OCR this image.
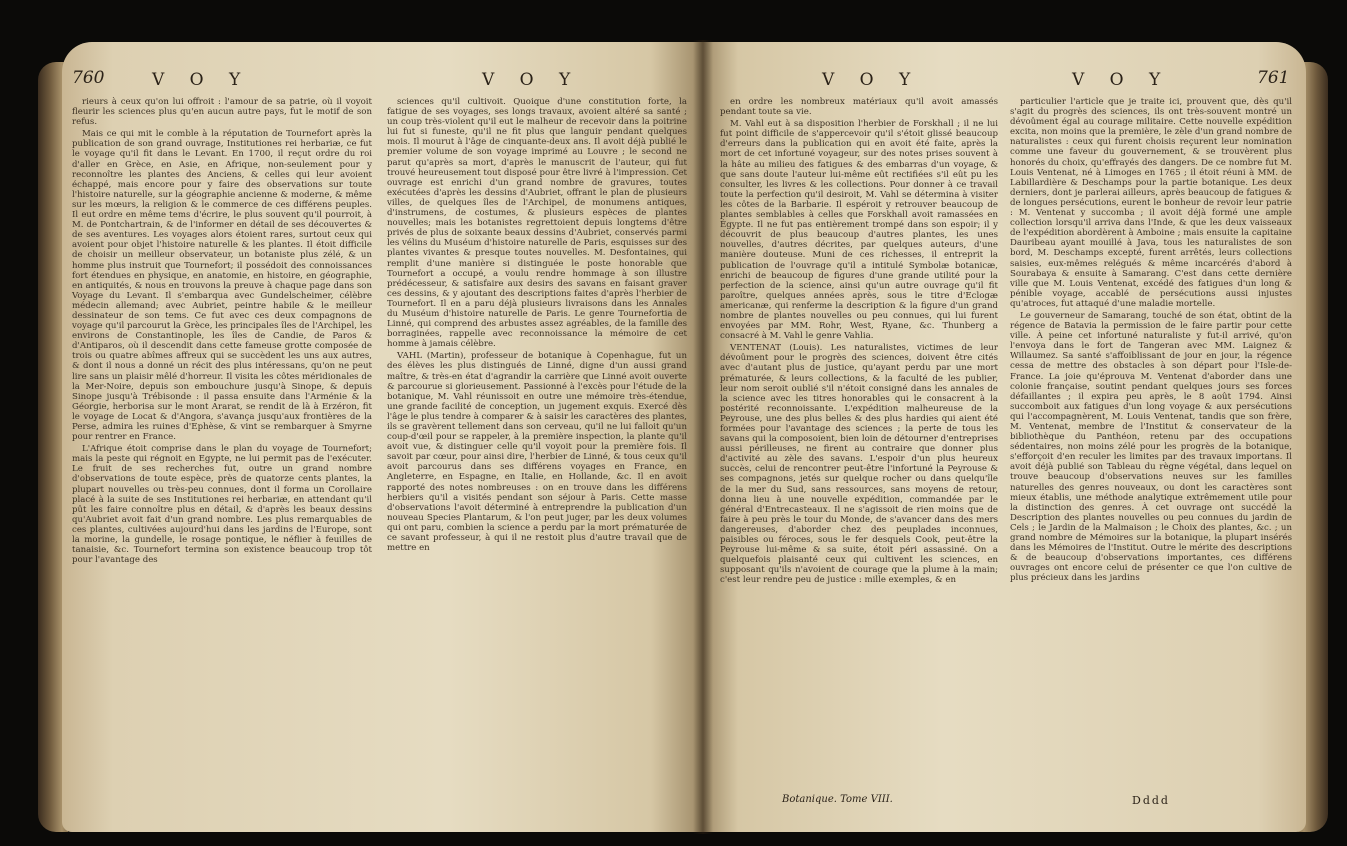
760	V O Y	V O Y

rieurs à ceux qu'on lui offroit : l'amour de sa patrie, où il voyoit fleurir les sciences plus qu'en aucun autre pays, fut le motif de son refus.

Mais ce qui mit le comble à la réputation de Tournefort après la publication de son grand ouvrage, Institutiones rei herbariæ, ce fut le voyage qu'il fit dans le Levant. En 1700, il reçut ordre du roi d'aller en Grèce, en Asie, en Afrique, non-seulement pour y reconnoître les plantes des Anciens, & celles qui leur avoient échappé, mais encore pour y faire des observations sur toute l'histoire naturelle, sur la géographie ancienne & moderne, & même sur les mœurs, la religion & le commerce de ces différens peuples. Il eut ordre en même tems d'écrire, le plus souvent qu'il pourroit, à M. de Pontchartrain, & de l'informer en détail de ses découvertes & de ses aventures. Les voyages alors étoient rares, surtout ceux qui avoient pour objet l'histoire naturelle & les plantes. Il étoit difficile de choisir un meilleur observateur, un botaniste plus zélé, & un homme plus instruit que Tournefort; il possédoit des connoissances fort étendues en physique, en anatomie, en histoire, en géographie, en antiquités, & nous en trouvons la preuve à chaque page dans son Voyage du Levant. Il s'embarqua avec Gundelscheimer, célèbre médecin allemand; avec Aubriet, peintre habile & le meilleur dessinateur de son tems. Ce fut avec ces deux compagnons de voyage qu'il parcourut la Grèce, les principales îles de l'Archipel, les environs de Constantinople, les îles de Candie, de Paros & d'Antiparos, où il descendit dans cette fameuse grotte composée de trois ou quatre abîmes affreux qui se succèdent les uns aux autres, & dont il nous a donné un récit des plus intéressans, qu'on ne peut lire sans un plaisir mêlé d'horreur. Il visita les côtes méridionales de la Mer-Noire, depuis son embouchure jusqu'à Sinope, & depuis Sinope jusqu'à Trébisonde : il passa ensuite dans l'Arménie & la Géorgie, herborisa sur le mont Ararat, se rendit de là à Erzéron, fit le voyage de Locat & d'Angora, s'avança jusqu'aux frontières de la Perse, admira les ruines d'Ephèse, & vint se rembarquer à Smyrne pour rentrer en France.

L'Afrique étoit comprise dans le plan du voyage de Tournefort; mais la peste qui régnoit en Egypte, ne lui permit pas de l'exécuter. Le fruit de ses recherches fut, outre un grand nombre d'observations de toute espèce, près de quatorze cents plantes, la plupart nouvelles ou très-peu connues, dont il forma un Corollaire placé à la suite de ses Institutiones rei herbariæ, en attendant qu'il pût les faire connoître plus en détail, & d'après les beaux dessins qu'Aubriet avoit fait d'un grand nombre. Les plus remarquables de ces plantes, cultivées aujourd'hui dans les jardins de l'Europe, sont la morine, la gundelle, le rosage pontique, le néflier à feuilles de tanaisie, &c. Tournefort termina son existence beaucoup trop tôt pour l'avantage des

sciences qu'il cultivoit. Quoique d'une constitution forte, la fatigue de ses voyages, ses longs travaux, avoient altéré sa santé ; un coup très-violent qu'il eut le malheur de recevoir dans la poitrine lui fut si funeste, qu'il ne fit plus que languir pendant quelques mois. Il mourut à l'âge de cinquante-deux ans. Il avoit déjà publié le premier volume de son voyage imprimé au Louvre ; le second ne parut qu'après sa mort, d'après le manuscrit de l'auteur, qui fut trouvé heureusement tout disposé pour être livré à l'impression. Cet ouvrage est enrichi d'un grand nombre de gravures, toutes exécutées d'après les dessins d'Aubriet, offrant le plan de plusieurs villes, de quelques îles de l'Archipel, de monumens antiques, d'instrumens, de costumes, & plusieurs espèces de plantes nouvelles; mais les botanistes regrettoient depuis longtems d'être privés de plus de soixante beaux dessins d'Aubriet, conservés parmi les vélins du Muséum d'histoire naturelle de Paris, esquisses sur des plantes vivantes & presque toutes nouvelles. M. Desfontaines, qui remplit d'une manière si distinguée le poste honorable que Tournefort a occupé, a voulu rendre hommage à son illustre prédécesseur, & satisfaire aux desirs des savans en faisant graver ces dessins, & y ajoutant des descriptions faites d'après l'herbier de Tournefort. Il en a paru déjà plusieurs livraisons dans les Annales du Muséum d'histoire naturelle de Paris. Le genre Tournefortia de Linné, qui comprend des arbustes assez agréables, de la famille des borraginées, rappelle avec reconnoissance la mémoire de cet homme à jamais célèbre.

VAHL (Martin), professeur de botanique à Copenhague, fut un des élèves les plus distingués de Linné, digne d'un aussi grand maître, & très-en état d'agrandir la carrière que Linné avoit ouverte & parcourue si glorieusement. Passionné à l'excès pour l'étude de la botanique, M. Vahl réunissoit en outre une mémoire très-étendue, une grande facilité de conception, un jugement exquis. Exercé dès l'âge le plus tendre à comparer & à saisir les caractères des plantes, ils se gravèrent tellement dans son cerveau, qu'il ne lui falloit qu'un coup-d'œil pour se rappeler, à la première inspection, la plante qu'il avoit vue, & distinguer celle qu'il voyoit pour la première fois. Il savoit par cœur, pour ainsi dire, l'herbier de Linné, & tous ceux qu'il avoit parcourus dans ses différens voyages en France, en Angleterre, en Espagne, en Italie, en Hollande, &c. Il en avoit rapporté des notes nombreuses : on en trouve dans les différens herbiers qu'il a visités pendant son séjour à Paris. Cette masse d'observations l'avoit déterminé à entreprendre la publication d'un nouveau Species Plantarum, & l'on peut juger, par les deux volumes qui ont paru, combien la science a perdu par la mort prématurée de ce savant professeur, à qui il ne restoit plus d'autre travail que de mettre en

V O Y	V O Y	761

en ordre les nombreux matériaux qu'il avoit amassés pendant toute sa vie.

M. Vahl eut à sa disposition l'herbier de Forskhall ; il ne lui fut point difficile de s'appercevoir qu'il s'étoit glissé beaucoup d'erreurs dans la publication qui en avoit été faite, après la mort de cet infortuné voyageur, sur des notes prises souvent à la hâte au milieu des fatigues & des embarras d'un voyage, & que sans doute l'auteur lui-même eût rectifiées s'il eût pu les consulter, les livres & les collections. Pour donner à ce travail toute la perfection qu'il desiroit, M. Vahl se détermina à visiter les côtes de la Barbarie. Il espéroit y retrouver beaucoup de plantes semblables à celles que Forskhall avoit ramassées en Égypte. Il ne fut pas entièrement trompé dans son espoir; il y découvrit de plus beaucoup d'autres plantes, les unes nouvelles, d'autres décrites, par quelques auteurs, d'une manière douteuse. Muni de ces richesses, il entreprit la publication de l'ouvrage qu'il a intitulé Symbolæ botanicæ, enrichi de beaucoup de figures d'une grande utilité pour la perfection de la science, ainsi qu'un autre ouvrage qu'il fit paroître, quelques années après, sous le titre d'Eclogæ americanæ, qui renferme la description & la figure d'un grand nombre de plantes nouvelles ou peu connues, qui lui furent envoyées par MM. Rohr, West, Ryane, &c. Thunberg a consacré à M. Vahl le genre Vahlia.

VENTENAT (Louis). Les naturalistes, victimes de leur dévoûment pour le progrès des sciences, doivent être cités avec d'autant plus de justice, qu'ayant perdu par une mort prématurée, & leurs collections, & la faculté de les publier, leur nom seroit oublié s'il n'étoit consigné dans les annales de la science avec les titres honorables qui le consacrent à la postérité reconnoissante. L'expédition malheureuse de la Peyrouse, une des plus belles & des plus hardies qui aient été formées pour l'avantage des sciences ; la perte de tous les savans qui la composoient, bien loin de détourner d'entreprises aussi périlleuses, ne firent au contraire que donner plus d'activité au zèle des savans. L'espoir d'un plus heureux succès, celui de rencontrer peut-être l'infortuné la Peyrouse & ses compagnons, jetés sur quelque rocher ou dans quelqu'île de la mer du Sud, sans ressources, sans moyens de retour, donna lieu à une nouvelle expédition, commandée par le général d'Entrecasteaux. Il ne s'agissoit de rien moins que de faire à peu près le tour du Monde, de s'avancer dans des mers dangereuses, d'aborder chez des peuplades inconnues, paisibles ou féroces, sous le fer desquels Cook, peut-être la Peyrouse lui-même & sa suite, étoit péri assassiné. On a quelquefois plaisanté ceux qui cultivent les sciences, en supposant qu'ils n'avoient de courage que la plume à la main; c'est leur rendre peu de justice : mille exemples, & en

particulier l'article que je traite ici, prouvent que, dès qu'il s'agit du progrès des sciences, ils ont très-souvent montré un dévoûment égal au courage militaire. Cette nouvelle expédition excita, non moins que la première, le zèle d'un grand nombre de naturalistes : ceux qui furent choisis reçurent leur nomination comme une faveur du gouvernement, & se trouvèrent plus honorés du choix, qu'effrayés des dangers. De ce nombre fut M. Louis Ventenat, né à Limoges en 1765 ; il étoit réuni à MM. de Labillardière & Deschamps pour la partie botanique. Les deux derniers, dont je parlerai ailleurs, après beaucoup de fatigues & de longues persécutions, eurent le bonheur de revoir leur patrie : M. Ventenat y succomba ; il avoit déjà formé une ample collection lorsqu'il arriva dans l'Inde, & que les deux vaisseaux de l'expédition abordèrent à Amboine ; mais ensuite la capitaine Dauribeau ayant mouillé à Java, tous les naturalistes de son bord, M. Deschamps excepté, furent arrêtés, leurs collections saisies, eux-mêmes relégués & même incarcérés d'abord à Sourabaya & ensuite à Samarang. C'est dans cette dernière ville que M. Louis Ventenat, excédé des fatigues d'un long & pénible voyage, accablé de persécutions aussi injustes qu'atroces, fut attaqué d'une maladie mortelle.

Le gouverneur de Samarang, touché de son état, obtint de la régence de Batavia la permission de le faire partir pour cette ville. À peine cet infortuné naturaliste y fut-il arrivé, qu'on l'envoya dans le fort de Tangeran avec MM. Laignez & Willaumez. Sa santé s'affoiblissant de jour en jour, la régence cessa de mettre des obstacles à son départ pour l'Isle-de-France. La joie qu'éprouva M. Ventenat d'aborder dans une colonie française, soutint pendant quelques jours ses forces défaillantes ; il expira peu après, le 8 août 1794. Ainsi succomboit aux fatigues d'un long voyage & aux persécutions qui l'accompagnèrent, M. Louis Ventenat, tandis que son frère, M. Ventenat, membre de l'Institut & conservateur de la bibliothèque du Panthéon, retenu par des occupations sédentaires, non moins zélé pour les progrès de la botanique, s'efforçoit d'en reculer les limites par des travaux importans. Il avoit déjà publié son Tableau du règne végétal, dans lequel on trouve beaucoup d'observations neuves sur les familles naturelles des genres nouveaux, ou dont les caractères sont mieux établis, une méthode analytique extrêmement utile pour la distinction des genres. À cet ouvrage ont succédé la Description des plantes nouvelles ou peu connues du jardin de Cels ; le Jardin de la Malmaison ; le Choix des plantes, &c. ; un grand nombre de Mémoires sur la botanique, la plupart insérés dans les Mémoires de l'Institut. Outre le mérite des descriptions & de beaucoup d'observations importantes, ces différens ouvrages ont encore celui de présenter ce que l'on cultive de plus précieux dans les jardins

Botanique. Tome VIII.	Dddd
